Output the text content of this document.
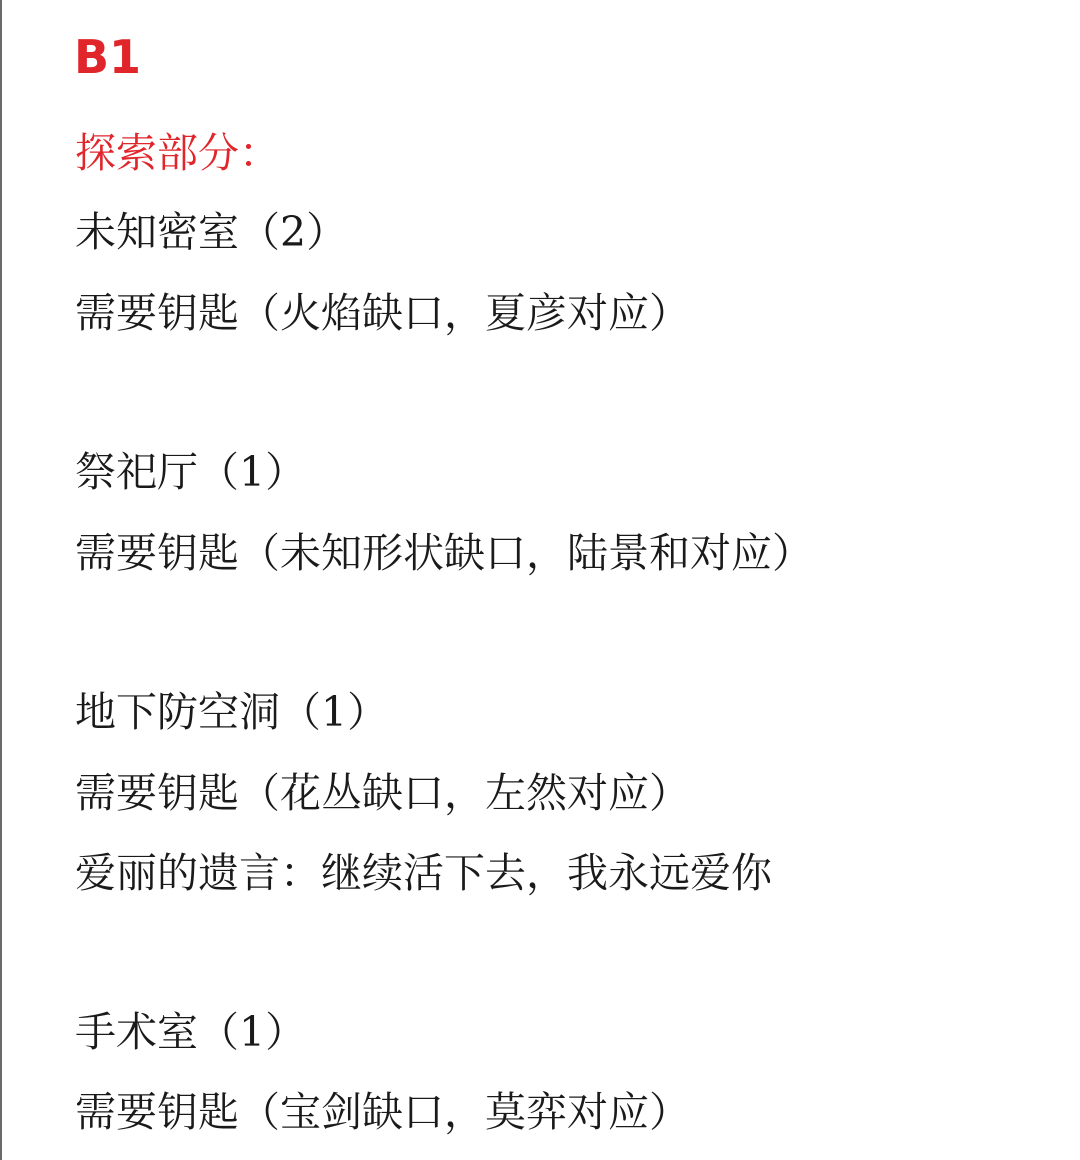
B1
探索部分：
未知密室（2）
需要钥匙（火焰缺口，夏彦对应）
祭祀厅（1）
需要钥匙（未知形状缺口，陆景和对应）
地下防空洞（1）
需要钥匙（花丛缺口，左然对应）
爱丽的遗言：继续活下去，我永远爱你
手术室（1）
需要钥匙（宝剑缺口，莫弈对应）
